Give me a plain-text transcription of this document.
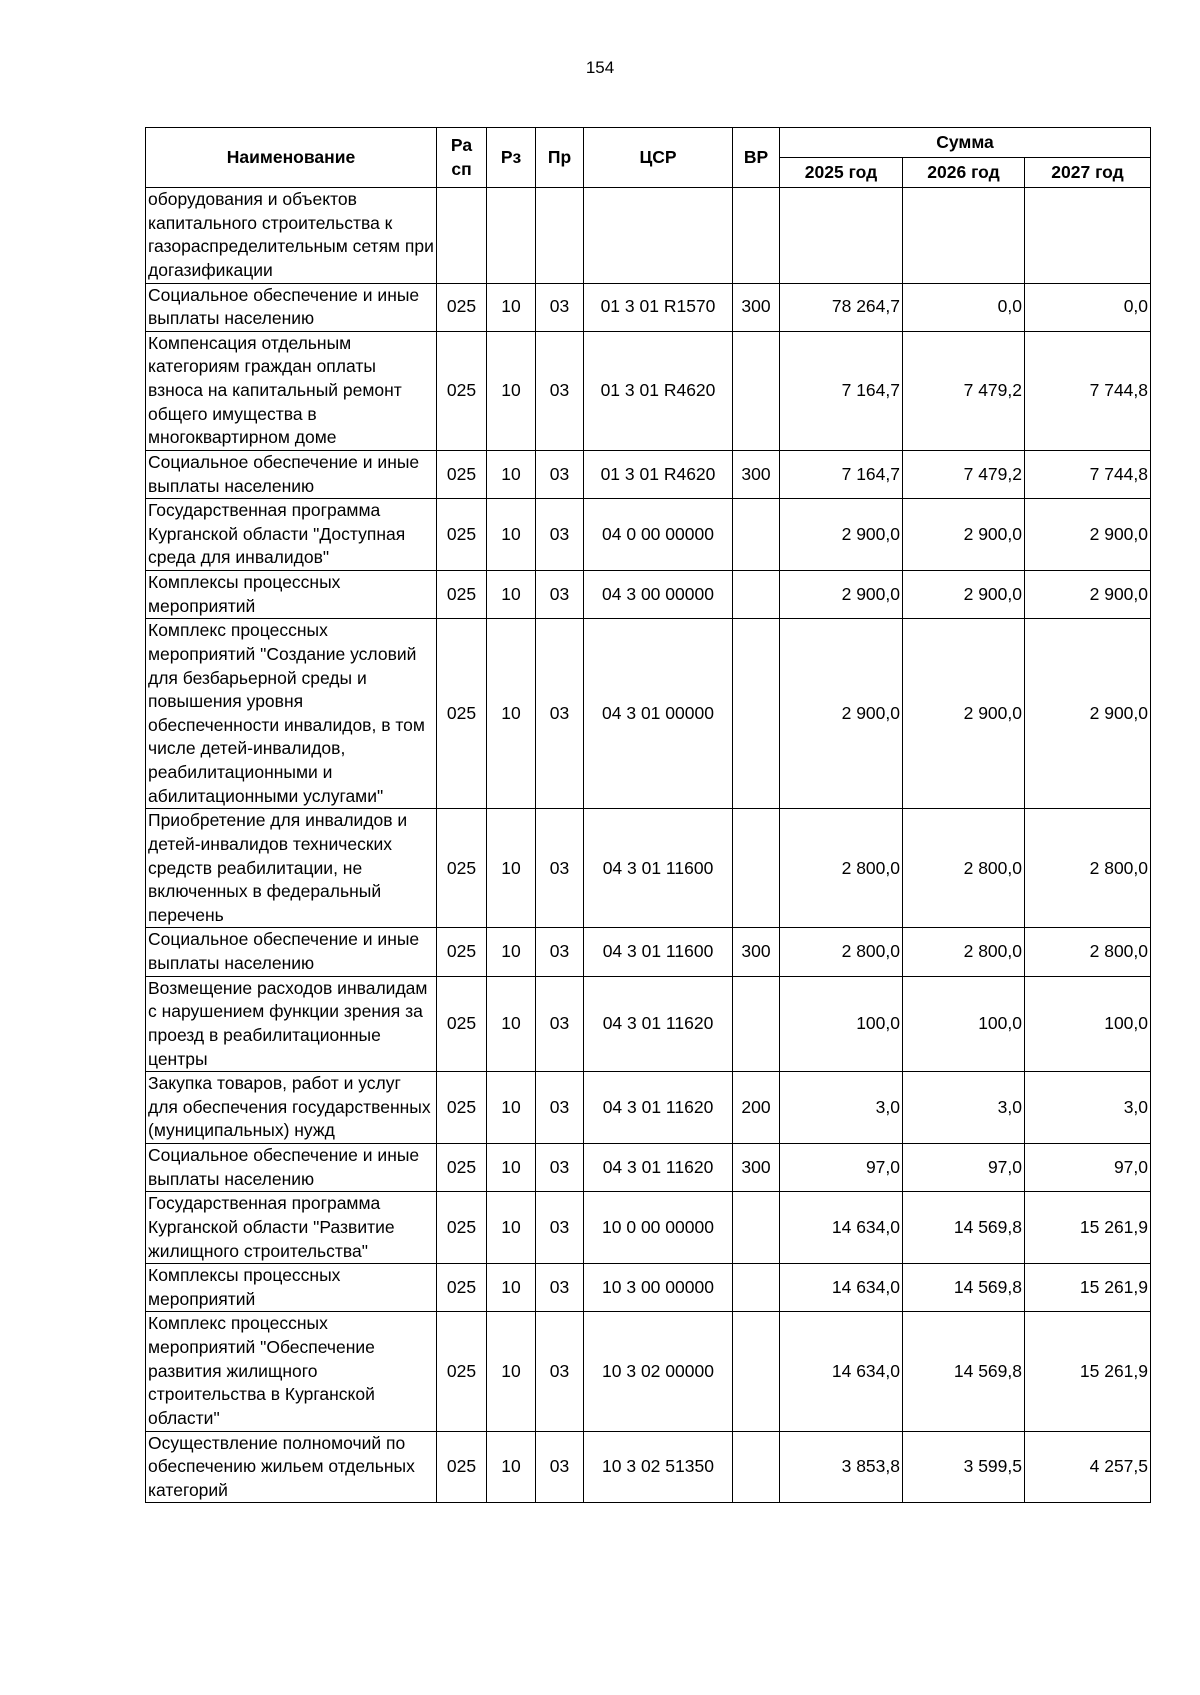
154
Наименование	Ра сп	Рз	Пр	ЦСР	ВР	Сумма		
						2025 год	2026 год	2027 год
оборудования и объектов капитального строительства к газораспределительным сетям при догазификации								
Социальное обеспечение и иные выплаты населению	025	10	03	01 3 01 R1570	300	78 264,7	0,0	0,0
Компенсация отдельным категориям граждан оплаты взноса на капитальный ремонт общего имущества в многоквартирном доме	025	10	03	01 3 01 R4620		7 164,7	7 479,2	7 744,8
Социальное обеспечение и иные выплаты населению	025	10	03	01 3 01 R4620	300	7 164,7	7 479,2	7 744,8
Государственная программа Курганской области "Доступная среда для инвалидов"	025	10	03	04 0 00 00000		2 900,0	2 900,0	2 900,0
Комплексы процессных мероприятий	025	10	03	04 3 00 00000		2 900,0	2 900,0	2 900,0
Комплекс процессных мероприятий "Создание условий для безбарьерной среды и повышения уровня обеспеченности инвалидов, в том числе детей-инвалидов, реабилитационными и абилитационными услугами"	025	10	03	04 3 01 00000		2 900,0	2 900,0	2 900,0
Приобретение для инвалидов и детей-инвалидов технических средств реабилитации, не включенных в федеральный перечень	025	10	03	04 3 01 11600		2 800,0	2 800,0	2 800,0
Социальное обеспечение и иные выплаты населению	025	10	03	04 3 01 11600	300	2 800,0	2 800,0	2 800,0
Возмещение расходов инвалидам с нарушением функции зрения за проезд в реабилитационные центры	025	10	03	04 3 01 11620		100,0	100,0	100,0
Закупка товаров, работ и услуг для обеспечения государственных (муниципальных) нужд	025	10	03	04 3 01 11620	200	3,0	3,0	3,0
Социальное обеспечение и иные выплаты населению	025	10	03	04 3 01 11620	300	97,0	97,0	97,0
Государственная программа Курганской области "Развитие жилищного строительства"	025	10	03	10 0 00 00000		14 634,0	14 569,8	15 261,9
Комплексы процессных мероприятий	025	10	03	10 3 00 00000		14 634,0	14 569,8	15 261,9
Комплекс процессных мероприятий "Обеспечение развития жилищного строительства в Курганской области"	025	10	03	10 3 02 00000		14 634,0	14 569,8	15 261,9
Осуществление полномочий по обеспечению жильем отдельных категорий	025	10	03	10 3 02 51350		3 853,8	3 599,5	4 257,5
